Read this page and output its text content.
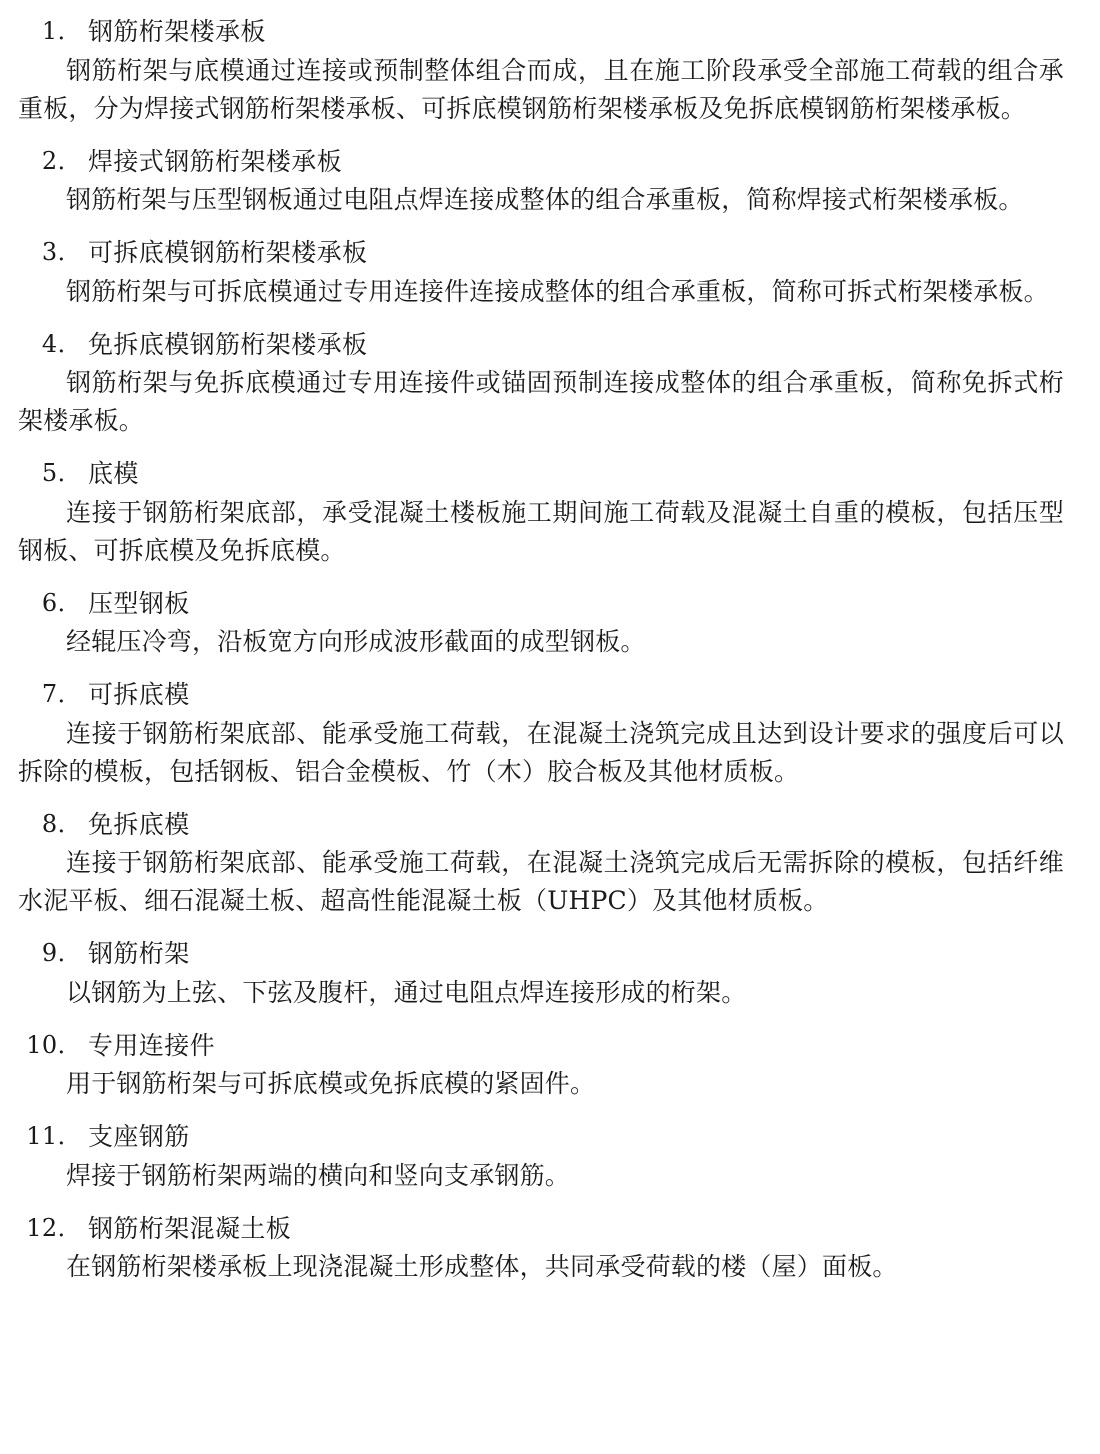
1． 钢筋桁架楼承板
钢筋桁架与底模通过连接或预制整体组合而成，且在施工阶段承受全部施工荷载的组合承重板，分为焊接式钢筋桁架楼承板、可拆底模钢筋桁架楼承板及免拆底模钢筋桁架楼承板。
2． 焊接式钢筋桁架楼承板
钢筋桁架与压型钢板通过电阻点焊连接成整体的组合承重板，简称焊接式桁架楼承板。
3． 可拆底模钢筋桁架楼承板
钢筋桁架与可拆底模通过专用连接件连接成整体的组合承重板，简称可拆式桁架楼承板。
4． 免拆底模钢筋桁架楼承板
钢筋桁架与免拆底模通过专用连接件或锚固预制连接成整体的组合承重板，简称免拆式桁架楼承板。
5． 底模
连接于钢筋桁架底部，承受混凝土楼板施工期间施工荷载及混凝土自重的模板，包括压型钢板、可拆底模及免拆底模。
6． 压型钢板
经辊压冷弯，沿板宽方向形成波形截面的成型钢板。
7． 可拆底模
连接于钢筋桁架底部、能承受施工荷载，在混凝土浇筑完成且达到设计要求的强度后可以拆除的模板，包括钢板、铝合金模板、竹（木）胶合板及其他材质板。
8． 免拆底模
连接于钢筋桁架底部、能承受施工荷载，在混凝土浇筑完成后无需拆除的模板，包括纤维水泥平板、细石混凝土板、超高性能混凝土板（UHPC）及其他材质板。
9． 钢筋桁架
以钢筋为上弦、下弦及腹杆，通过电阻点焊连接形成的桁架。
10． 专用连接件
用于钢筋桁架与可拆底模或免拆底模的紧固件。
11． 支座钢筋
焊接于钢筋桁架两端的横向和竖向支承钢筋。
12． 钢筋桁架混凝土板
在钢筋桁架楼承板上现浇混凝土形成整体，共同承受荷载的楼（屋）面板。
